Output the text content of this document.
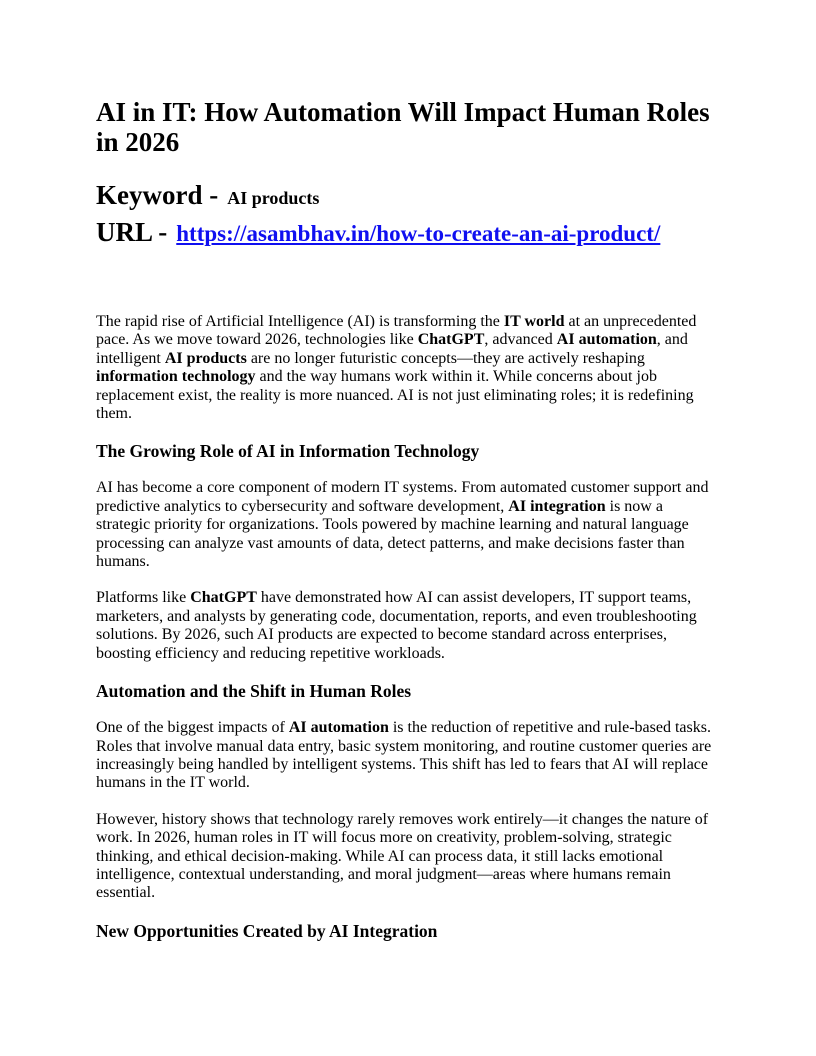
AI in IT: How Automation Will Impact Human Roles in 2026
Keyword - AI products
URL - https://asambhav.in/how-to-create-an-ai-product/

The rapid rise of Artificial Intelligence (AI) is transforming the IT world at an unprecedented pace. As we move toward 2026, technologies like ChatGPT, advanced AI automation, and intelligent AI products are no longer futuristic concepts—they are actively reshaping information technology and the way humans work within it. While concerns about job replacement exist, the reality is more nuanced. AI is not just eliminating roles; it is redefining them.

The Growing Role of AI in Information Technology

AI has become a core component of modern IT systems. From automated customer support and predictive analytics to cybersecurity and software development, AI integration is now a strategic priority for organizations. Tools powered by machine learning and natural language processing can analyze vast amounts of data, detect patterns, and make decisions faster than humans.

Platforms like ChatGPT have demonstrated how AI can assist developers, IT support teams, marketers, and analysts by generating code, documentation, reports, and even troubleshooting solutions. By 2026, such AI products are expected to become standard across enterprises, boosting efficiency and reducing repetitive workloads.

Automation and the Shift in Human Roles

One of the biggest impacts of AI automation is the reduction of repetitive and rule-based tasks. Roles that involve manual data entry, basic system monitoring, and routine customer queries are increasingly being handled by intelligent systems. This shift has led to fears that AI will replace humans in the IT world.

However, history shows that technology rarely removes work entirely—it changes the nature of work. In 2026, human roles in IT will focus more on creativity, problem-solving, strategic thinking, and ethical decision-making. While AI can process data, it still lacks emotional intelligence, contextual understanding, and moral judgment—areas where humans remain essential.

New Opportunities Created by AI Integration
